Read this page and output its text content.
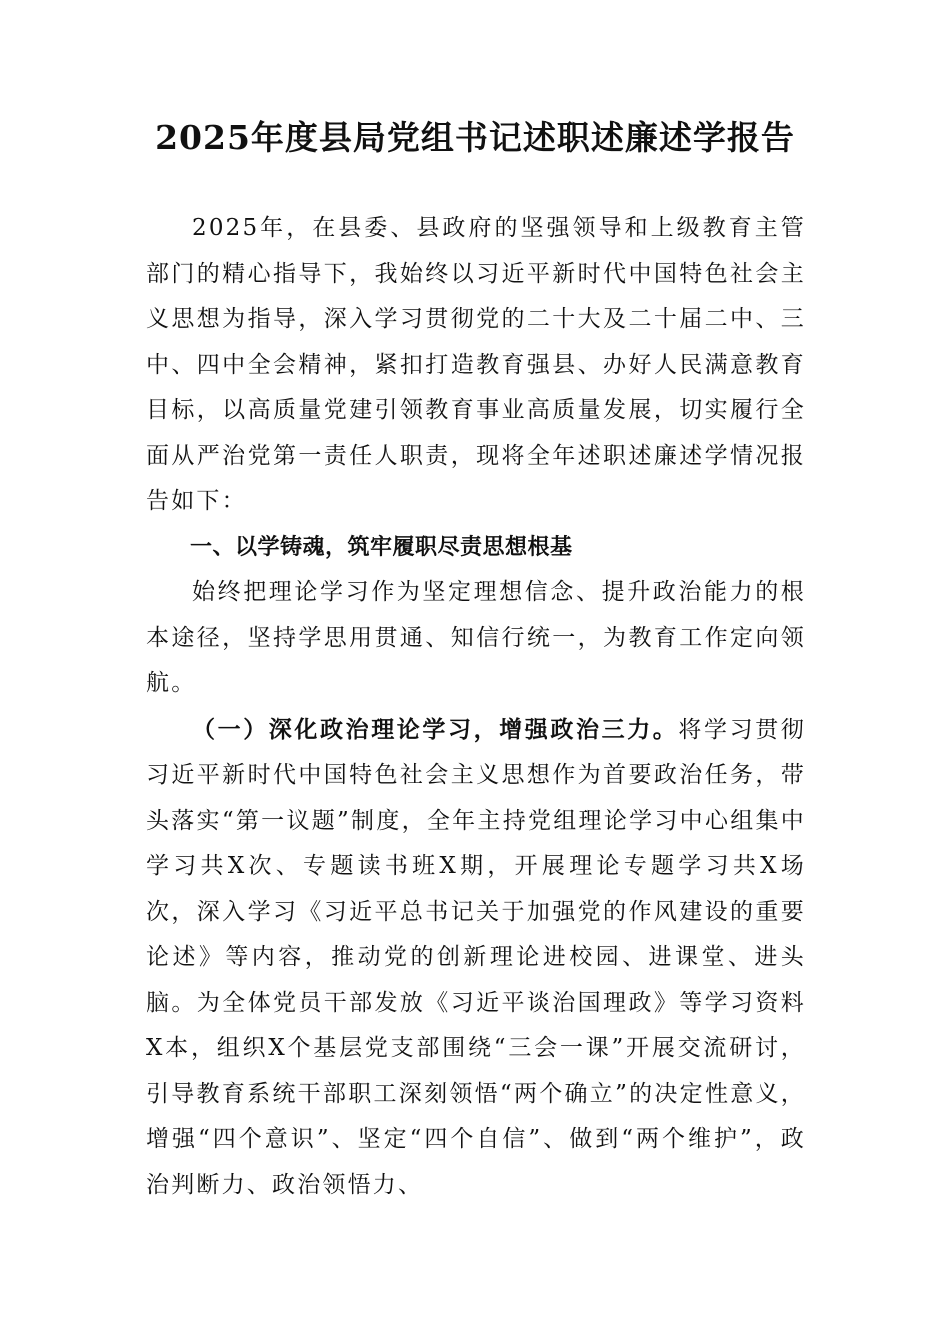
2025年度县局党组书记述职述廉述学报告

2025年，在县委、县政府的坚强领导和上级教育主管部门的精心指导下，我始终以习近平新时代中国特色社会主义思想为指导，深入学习贯彻党的二十大及二十届二中、三中、四中全会精神，紧扣打造教育强县、办好人民满意教育目标，以高质量党建引领教育事业高质量发展，切实履行全面从严治党第一责任人职责，现将全年述职述廉述学情况报告如下：

一、以学铸魂，筑牢履职尽责思想根基

始终把理论学习作为坚定理想信念、提升政治能力的根本途径，坚持学思用贯通、知信行统一，为教育工作定向领航。

（一）深化政治理论学习，增强政治三力。将学习贯彻习近平新时代中国特色社会主义思想作为首要政治任务，带头落实“第一议题”制度，全年主持党组理论学习中心组集中学习共X次、专题读书班X期，开展理论专题学习共X场次，深入学习《习近平总书记关于加强党的作风建设的重要论述》等内容，推动党的创新理论进校园、进课堂、进头脑。为全体党员干部发放《习近平谈治国理政》等学习资料X本，组织X个基层党支部围绕“三会一课”开展交流研讨，引导教育系统干部职工深刻领悟“两个确立”的决定性意义，增强“四个意识”、坚定“四个自信”、做到“两个维护”，政治判断力、政治领悟力、
